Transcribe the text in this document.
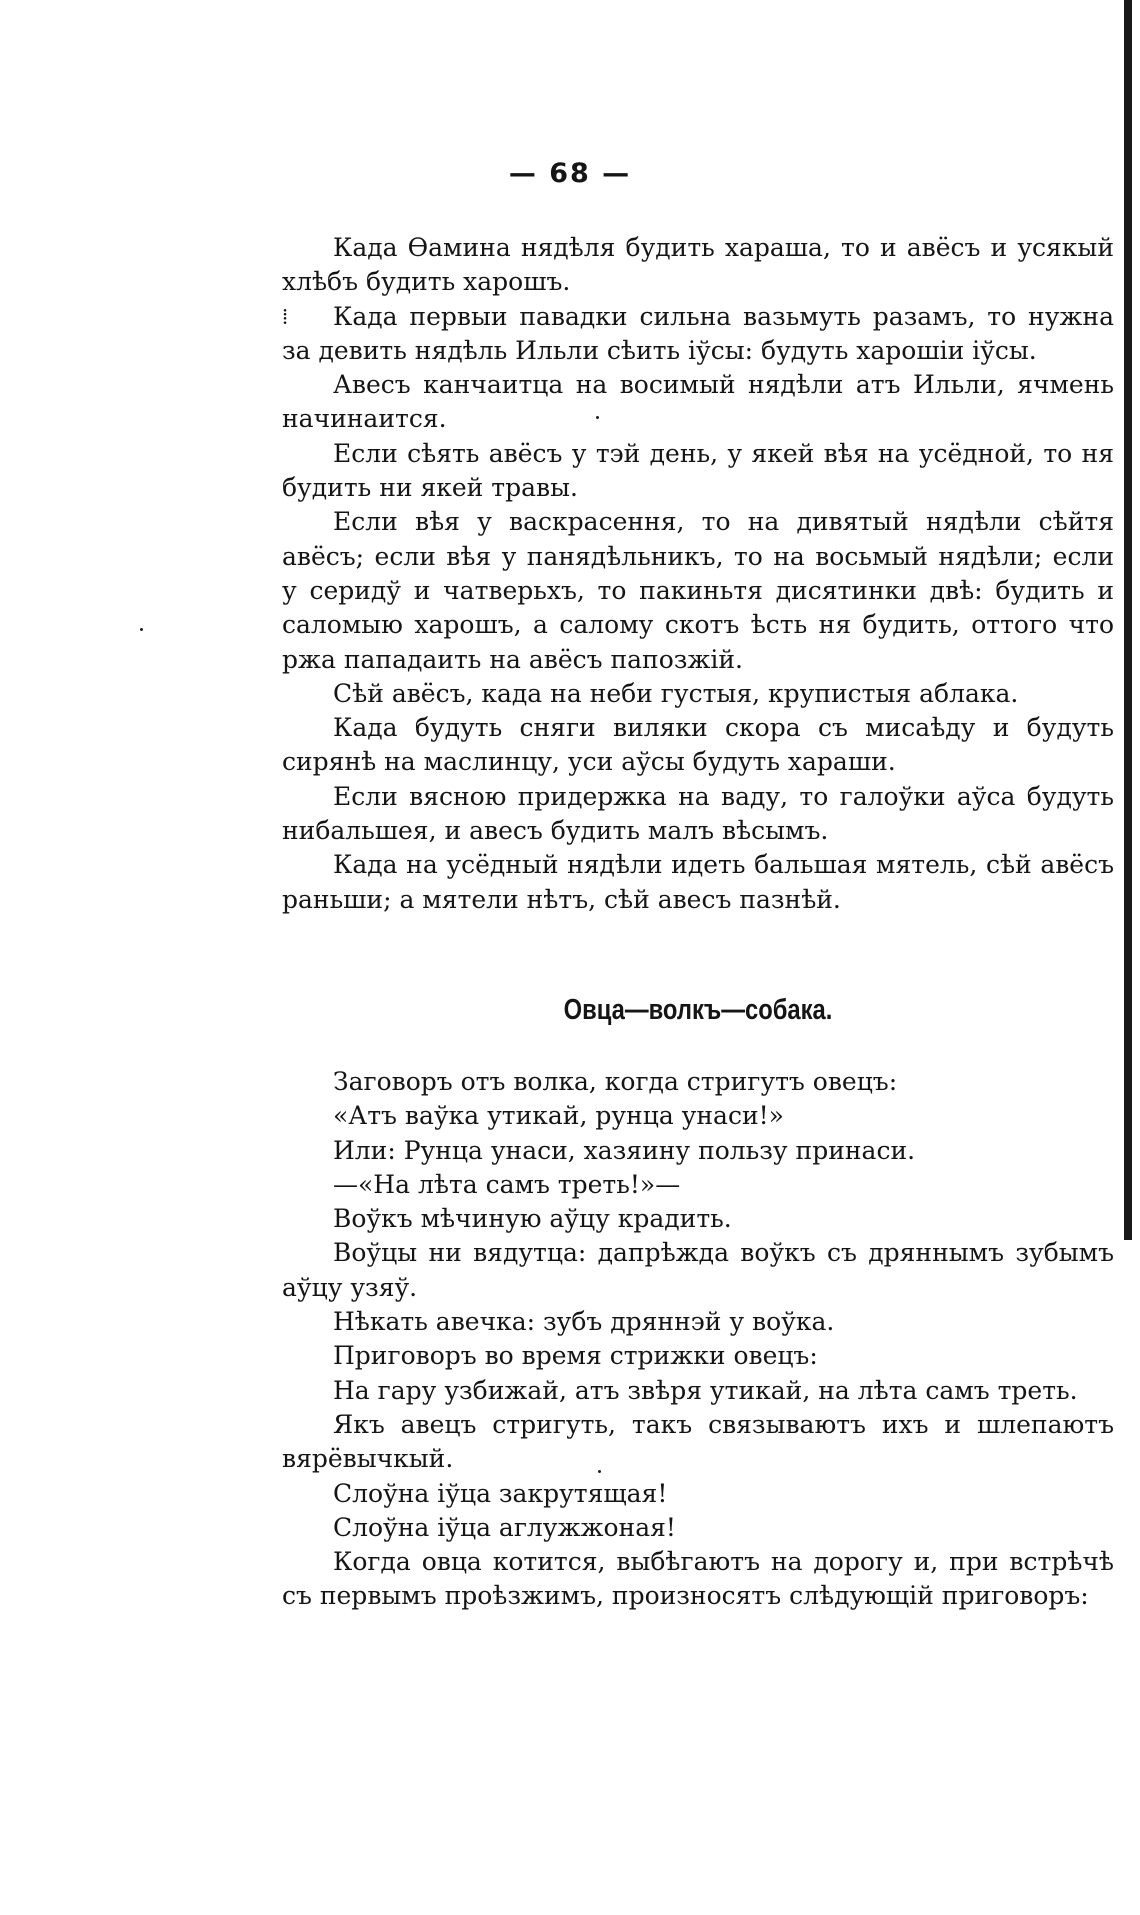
— 68 —
⁞

Када Ѳамина нядѣля будить хараша, то и авёсъ и усякый хлѣбъ будить харошъ.

Када первыи павадки сильна вазьмуть разамъ, то нужна за девить нядѣль Ильли сѣить іўсы: будуть харошіи іўсы.

Авесъ канчаитца на восимый нядѣли атъ Ильли, ячмень начинаится.

Если сѣять авёсъ у тэй день, у якей вѣя на усёдной, то ня будить ни якей травы.

Если вѣя у васкрасення, то на дивятый нядѣли сѣйтя авёсъ; если вѣя у панядѣльникъ, то на восьмый нядѣли; если у серидў и чатверьхъ, то пакиньтя дисятинки двѣ: будить и саломыю харошъ, а салому скотъ ѣсть ня будить, оттого что ржа пападаить на авёсъ папозжій.

Сѣй авёсъ, када на неби густыя, крупистыя аблака.

Када будуть сняги виляки скора съ мисаѣду и будуть сирянѣ на маслинцу, уси аўсы будуть хараши.

Если вясною придержка на ваду, то галоўки аўса будуть нибальшея, и авесъ будить малъ вѣсымъ.

Када на усёдный нядѣли идеть бальшая мятель, сѣй авёсъ раньши; а мятели нѣтъ, сѣй авесъ пазнѣй.

Овца—волкъ—собака.

Заговоръ отъ волка, когда стригутъ овецъ:

«Атъ ваўка утикай, рунца унаси!»

Или: Рунца унаси, хазяину пользу принаси.

—«На лѣта самъ треть!»—

Воўкъ мѣчиную аўцу крадить.

Воўцы ни вядутца: дапрѣжда воўкъ съ дряннымъ зубымъ аўцу узяў.

Нѣкать авечка: зубъ дряннэй у воўка.

Приговоръ во время стрижки овецъ:

На гару узбижай, атъ звѣря утикай, на лѣта самъ треть.

Якъ авецъ стригуть, такъ связываютъ ихъ и шлепаютъ вярёвычкый.

Слоўна іўца закрутящая!

Слоўна іўца аглужжоная!

Когда овца котится, выбѣгаютъ на дорогу и, при встрѣчѣ съ первымъ проѣзжимъ, произносятъ слѣдующій приговоръ:
